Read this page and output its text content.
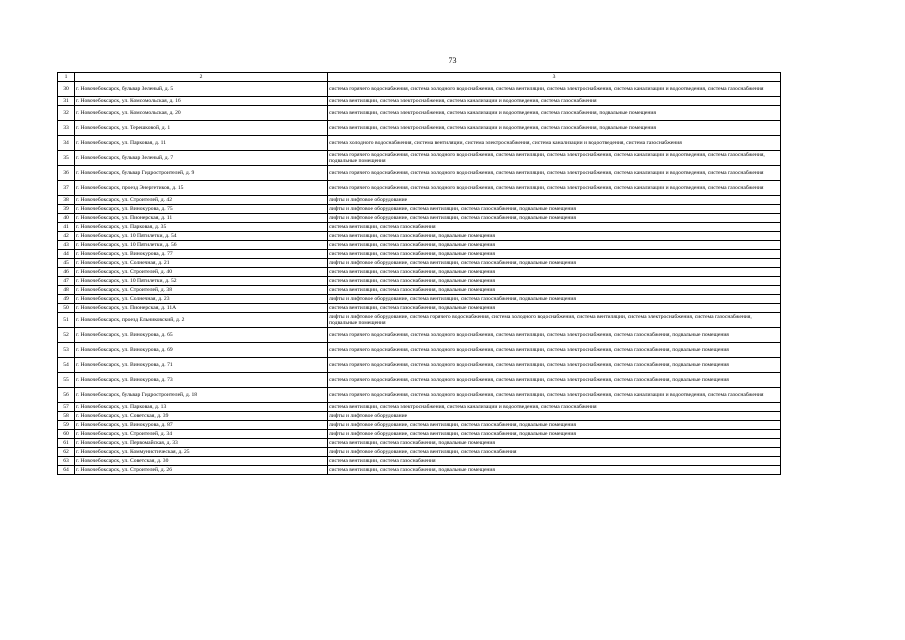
73
1	2	3
30	г. Новочебоксарск, бульвар Зеленый, д. 5	система горячего водоснабжения, система холодного водоснабжения, система вентиляции, система электроснабжения, система канализации и водоотведения, система газоснабжения
31	г. Новочебоксарск, ул. Комсомольская, д. 16	система вентиляции, система электроснабжения, система канализации и водоотведения, система газоснабжения
32	г. Новочебоксарск, ул. Комсомольская, д. 20	система вентиляции, система электроснабжения, система канализации и водоотведения, система газоснабжения, подвальные помещения
33	г. Новочебоксарск, ул. Терешковой, д. 1	система вентиляции, система электроснабжения, система канализации и водоотведения, система газоснабжения, подвальные помещения
34	г. Новочебоксарск, ул. Парковая, д. 11	система холодного водоснабжения, система вентиляции, система электроснабжения, система канализации и водоотведения, система газоснабжения
35	г. Новочебоксарск, бульвар Зеленый, д. 7	система горячего водоснабжения, система холодного водоснабжения, система вентиляции, система электроснабжения, система канализации и водоотведения, система газоснабжения, подвальные помещения
36	г. Новочебоксарск, бульвар Гидростроителей, д. 9	система горячего водоснабжения, система холодного водоснабжения, система вентиляции, система электроснабжения, система канализации и водоотведения, система газоснабжения
37	г. Новочебоксарск, проезд Энергетиков, д. 15	система горячего водоснабжения, система холодного водоснабжения, система вентиляции, система электроснабжения, система канализации и водоотведения, система газоснабжения
38	г. Новочебоксарск, ул. Строителей, д. 42	лифты и лифтовое оборудование
39	г. Новочебоксарск, ул. Винокурова, д. 75	лифты и лифтовое оборудование, система вентиляции, система газоснабжения, подвальные помещения
40	г. Новочебоксарск, ул. Пионерская, д. 11	лифты и лифтовое оборудование, система вентиляции, система газоснабжения, подвальные помещения
41	г. Новочебоксарск, ул. Парковая, д. 35	система вентиляции, система газоснабжения
42	г. Новочебоксарск, ул. 10 Пятилетки, д. 54	система вентиляции, система газоснабжения, подвальные помещения
43	г. Новочебоксарск, ул. 10 Пятилетки, д. 56	система вентиляции, система газоснабжения, подвальные помещения
44	г. Новочебоксарск, ул. Винокурова, д. 77	система вентиляции, система газоснабжения, подвальные помещения
45	г. Новочебоксарск, ул. Солнечная, д. 21	лифты и лифтовое оборудование, система вентиляции, система газоснабжения, подвальные помещения
46	г. Новочебоксарск, ул. Строителей, д. 40	система вентиляции, система газоснабжения, подвальные помещения
47	г. Новочебоксарск, ул. 10 Пятилетки, д. 52	система вентиляции, система газоснабжения, подвальные помещения
48	г. Новочебоксарск, ул. Строителей, д. 38	система вентиляции, система газоснабжения, подвальные помещения
49	г. Новочебоксарск, ул. Солнечная, д. 23	лифты и лифтовое оборудование, система вентиляции, система газоснабжения, подвальные помещения
50	г. Новочебоксарск, ул. Пионерская, д. 11А	система вентиляции, система газоснабжения, подвальные помещения
51	г. Новочебоксарск, проезд Ельниковский, д. 2	лифты и лифтовое оборудование, система горячего водоснабжения, система холодного водоснабжения, система вентиляции, система электроснабжения, система газоснабжения, подвальные помещения
52	г. Новочебоксарск, ул. Винокурова, д. 65	система горячего водоснабжения, система холодного водоснабжения, система вентиляции, система электроснабжения, система газоснабжения, подвальные помещения
53	г. Новочебоксарск, ул. Винокурова, д. 69	система горячего водоснабжения, система холодного водоснабжения, система вентиляции, система электроснабжения, система газоснабжения, подвальные помещения
54	г. Новочебоксарск, ул. Винокурова, д. 71	система горячего водоснабжения, система холодного водоснабжения, система вентиляции, система электроснабжения, система газоснабжения, подвальные помещения
55	г. Новочебоксарск, ул. Винокурова, д. 73	система горячего водоснабжения, система холодного водоснабжения, система вентиляции, система электроснабжения, система газоснабжения, подвальные помещения
56	г. Новочебоксарск, бульвар Гидростроителей, д. 18	система горячего водоснабжения, система холодного водоснабжения, система вентиляции, система электроснабжения, система канализации и водоотведения, система газоснабжения
57	г. Новочебоксарск, ул. Парковая, д. 13	система вентиляции, система электроснабжения, система канализации и водоотведения, система газоснабжения
58	г. Новочебоксарск, ул. Советская, д. 39	лифты и лифтовое оборудование
59	г. Новочебоксарск, ул. Винокурова, д. 87	лифты и лифтовое оборудование, система вентиляции, система газоснабжения, подвальные помещения
60	г. Новочебоксарск, ул. Строителей, д. 34	лифты и лифтовое оборудование, система вентиляции, система газоснабжения, подвальные помещения
61	г. Новочебоксарск, ул. Первомайская, д. 33	система вентиляции, система газоснабжения, подвальные помещения
62	г. Новочебоксарск, ул. Коммунистическая, д. 25	лифты и лифтовое оборудование, система вентиляции, система газоснабжения
63	г. Новочебоксарск, ул. Советская, д. 30	система вентиляции, система газоснабжения
64	г. Новочебоксарск, ул. Строителей, д. 26	система вентиляции, система газоснабжения, подвальные помещения
